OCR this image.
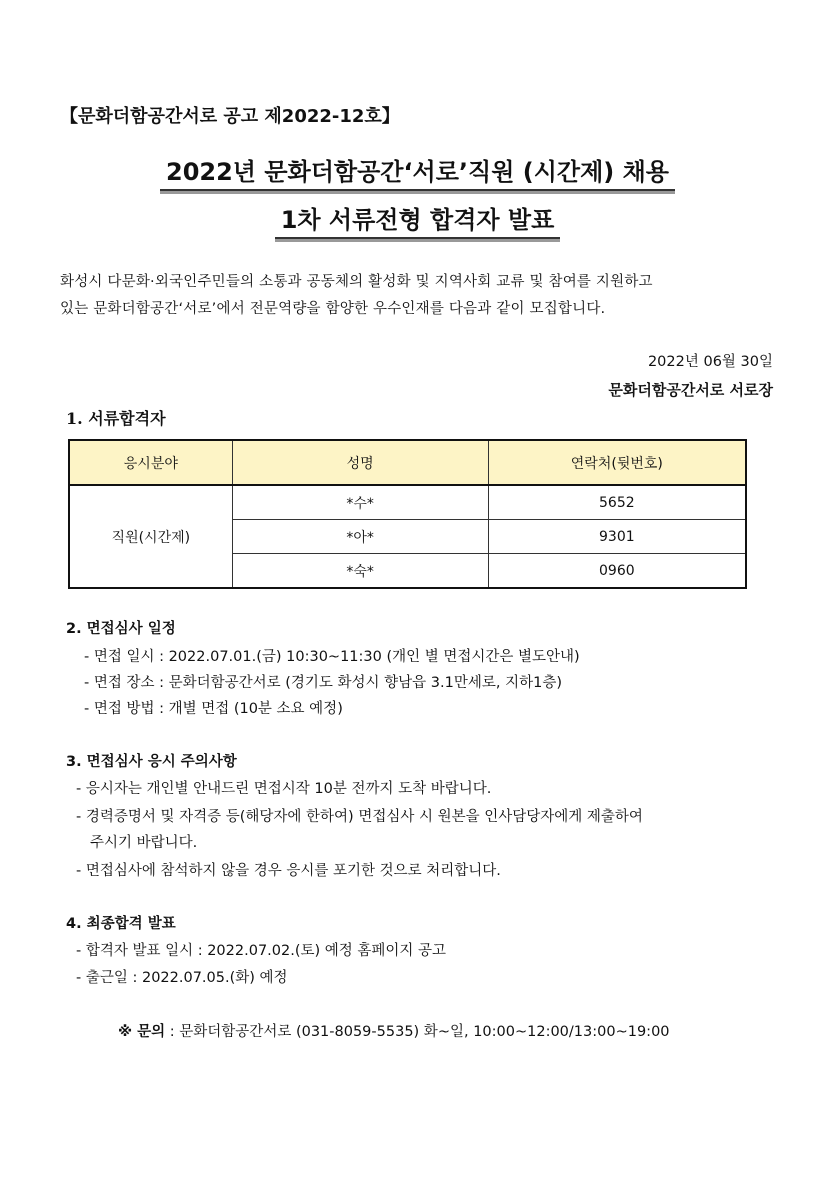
【문화더함공간서로 공고 제2022-12호】
2022년 문화더함공간‘서로’직원 (시간제) 채용
1차 서류전형 합격자 발표
화성시 다문화·외국인주민들의 소통과 공동체의 활성화 및 지역사회 교류 및 참여를 지원하고
있는 문화더함공간‘서로’에서 전문역량을 함양한 우수인재를 다음과 같이 모집합니다.
2022년 06월 30일
문화더함공간서로 서로장
1. 서류합격자
응시분야	성명	연락처(뒷번호)
직원(시간제)	*수*	5652
	*아*	9301
	*숙*	0960
2. 면접심사 일정
- 면접 일시 : 2022.07.01.(금) 10:30~11:30 (개인 별 면접시간은 별도안내)
- 면접 장소 : 문화더함공간서로 (경기도 화성시 향남읍 3.1만세로, 지하1층)
- 면접 방법 : 개별 면접 (10분 소요 예정)
3. 면접심사 응시 주의사항
- 응시자는 개인별 안내드린 면접시작 10분 전까지 도착 바랍니다.
- 경력증명서 및 자격증 등(해당자에 한하여) 면접심사 시 원본을 인사담당자에게 제출하여
주시기 바랍니다.
- 면접심사에 참석하지 않을 경우 응시를 포기한 것으로 처리합니다.
4. 최종합격 발표
- 합격자 발표 일시 : 2022.07.02.(토) 예정 홈페이지 공고
- 출근일 : 2022.07.05.(화) 예정
※ 문의 : 문화더함공간서로 (031-8059-5535) 화~일, 10:00~12:00/13:00~19:00
